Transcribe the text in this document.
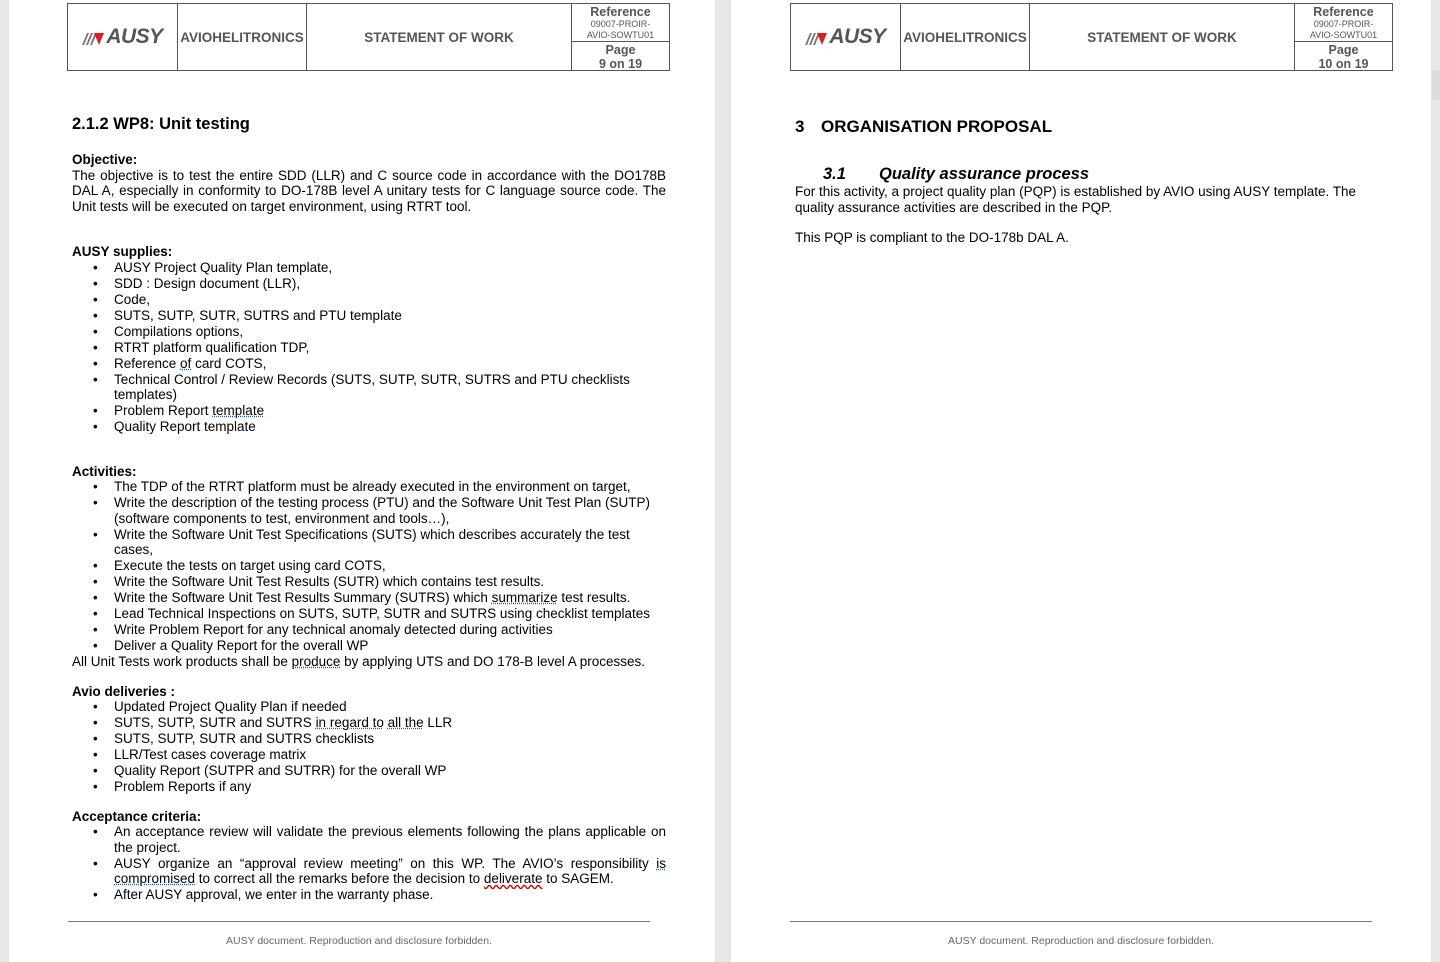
AUSY AVIOHELITRONICS	STATEMENT OF WORK
Reference
09007-PROIR-
AVIO-SOWTU01
Page
9 on 19
2.1.2 WP8: Unit testing
Objective:
The objective is to test the entire SDD (LLR) and C source code in accordance with the DO178B DAL A, especially in conformity to DO-178B level A unitary tests for C language source code. The Unit tests will be executed on target environment, using RTRT tool.
AUSY supplies:
• AUSY Project Quality Plan template,
• SDD : Design document (LLR),
• Code,
• SUTS, SUTP, SUTR, SUTRS and PTU template
• Compilations options,
• RTRT platform qualification TDP,
• Reference of card COTS,
• Technical Control / Review Records (SUTS, SUTP, SUTR, SUTRS and PTU checklists templates)
• Problem Report template
• Quality Report template
Activities:
• The TDP of the RTRT platform must be already executed in the environment on target,
• Write the description of the testing process (PTU) and the Software Unit Test Plan (SUTP) (software components to test, environment and tools…),
• Write the Software Unit Test Specifications (SUTS) which describes accurately the test cases,
• Execute the tests on target using card COTS,
• Write the Software Unit Test Results (SUTR) which contains test results.
• Write the Software Unit Test Results Summary (SUTRS) which summarize test results.
• Lead Technical Inspections on SUTS, SUTP, SUTR and SUTRS using checklist templates
• Write Problem Report for any technical anomaly detected during activities
• Deliver a Quality Report for the overall WP
All Unit Tests work products shall be produce by applying UTS and DO 178-B level A processes.
Avio deliveries :
• Updated Project Quality Plan if needed
• SUTS, SUTP, SUTR and SUTRS in regard to all the LLR
• SUTS, SUTP, SUTR and SUTRS checklists
• LLR/Test cases coverage matrix
• Quality Report (SUTPR and SUTRR) for the overall WP
• Problem Reports if any
Acceptance criteria:
• An acceptance review will validate the previous elements following the plans applicable on the project.
• AUSY organize an “approval review meeting” on this WP. The AVIO’s responsibility is compromised to correct all the remarks before the decision to deliverate to SAGEM.
• After AUSY approval, we enter in the warranty phase.
AUSY document. Reproduction and disclosure forbidden.
AUSY AVIOHELITRONICS	STATEMENT OF WORK
Reference
09007-PROIR-
AVIO-SOWTU01
Page
10 on 19
3 ORGANISATION PROPOSAL
3.1 Quality assurance process
For this activity, a project quality plan (PQP) is established by AVIO using AUSY template. The quality assurance activities are described in the PQP.
This PQP is compliant to the DO-178b DAL A.
AUSY document. Reproduction and disclosure forbidden.
